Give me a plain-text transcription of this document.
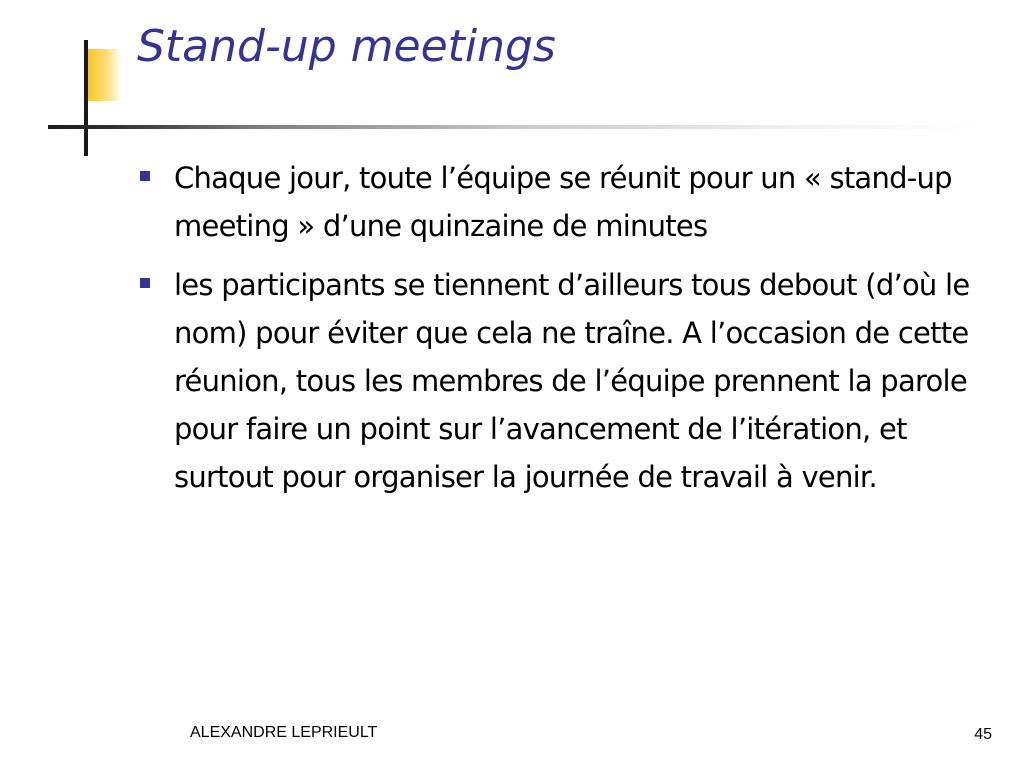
Stand-up meetings
Chaque jour, toute l’équipe se réunit pour un « stand-up meeting » d’une quinzaine de minutes
les participants se tiennent d’ailleurs tous debout (d’où le nom) pour éviter que cela ne traîne. A l’occasion de cette réunion, tous les membres de l’équipe prennent la parole pour faire un point sur l’avancement de l’itération, et surtout pour organiser la journée de travail à venir.
ALEXANDRE LEPRIEULT	45
